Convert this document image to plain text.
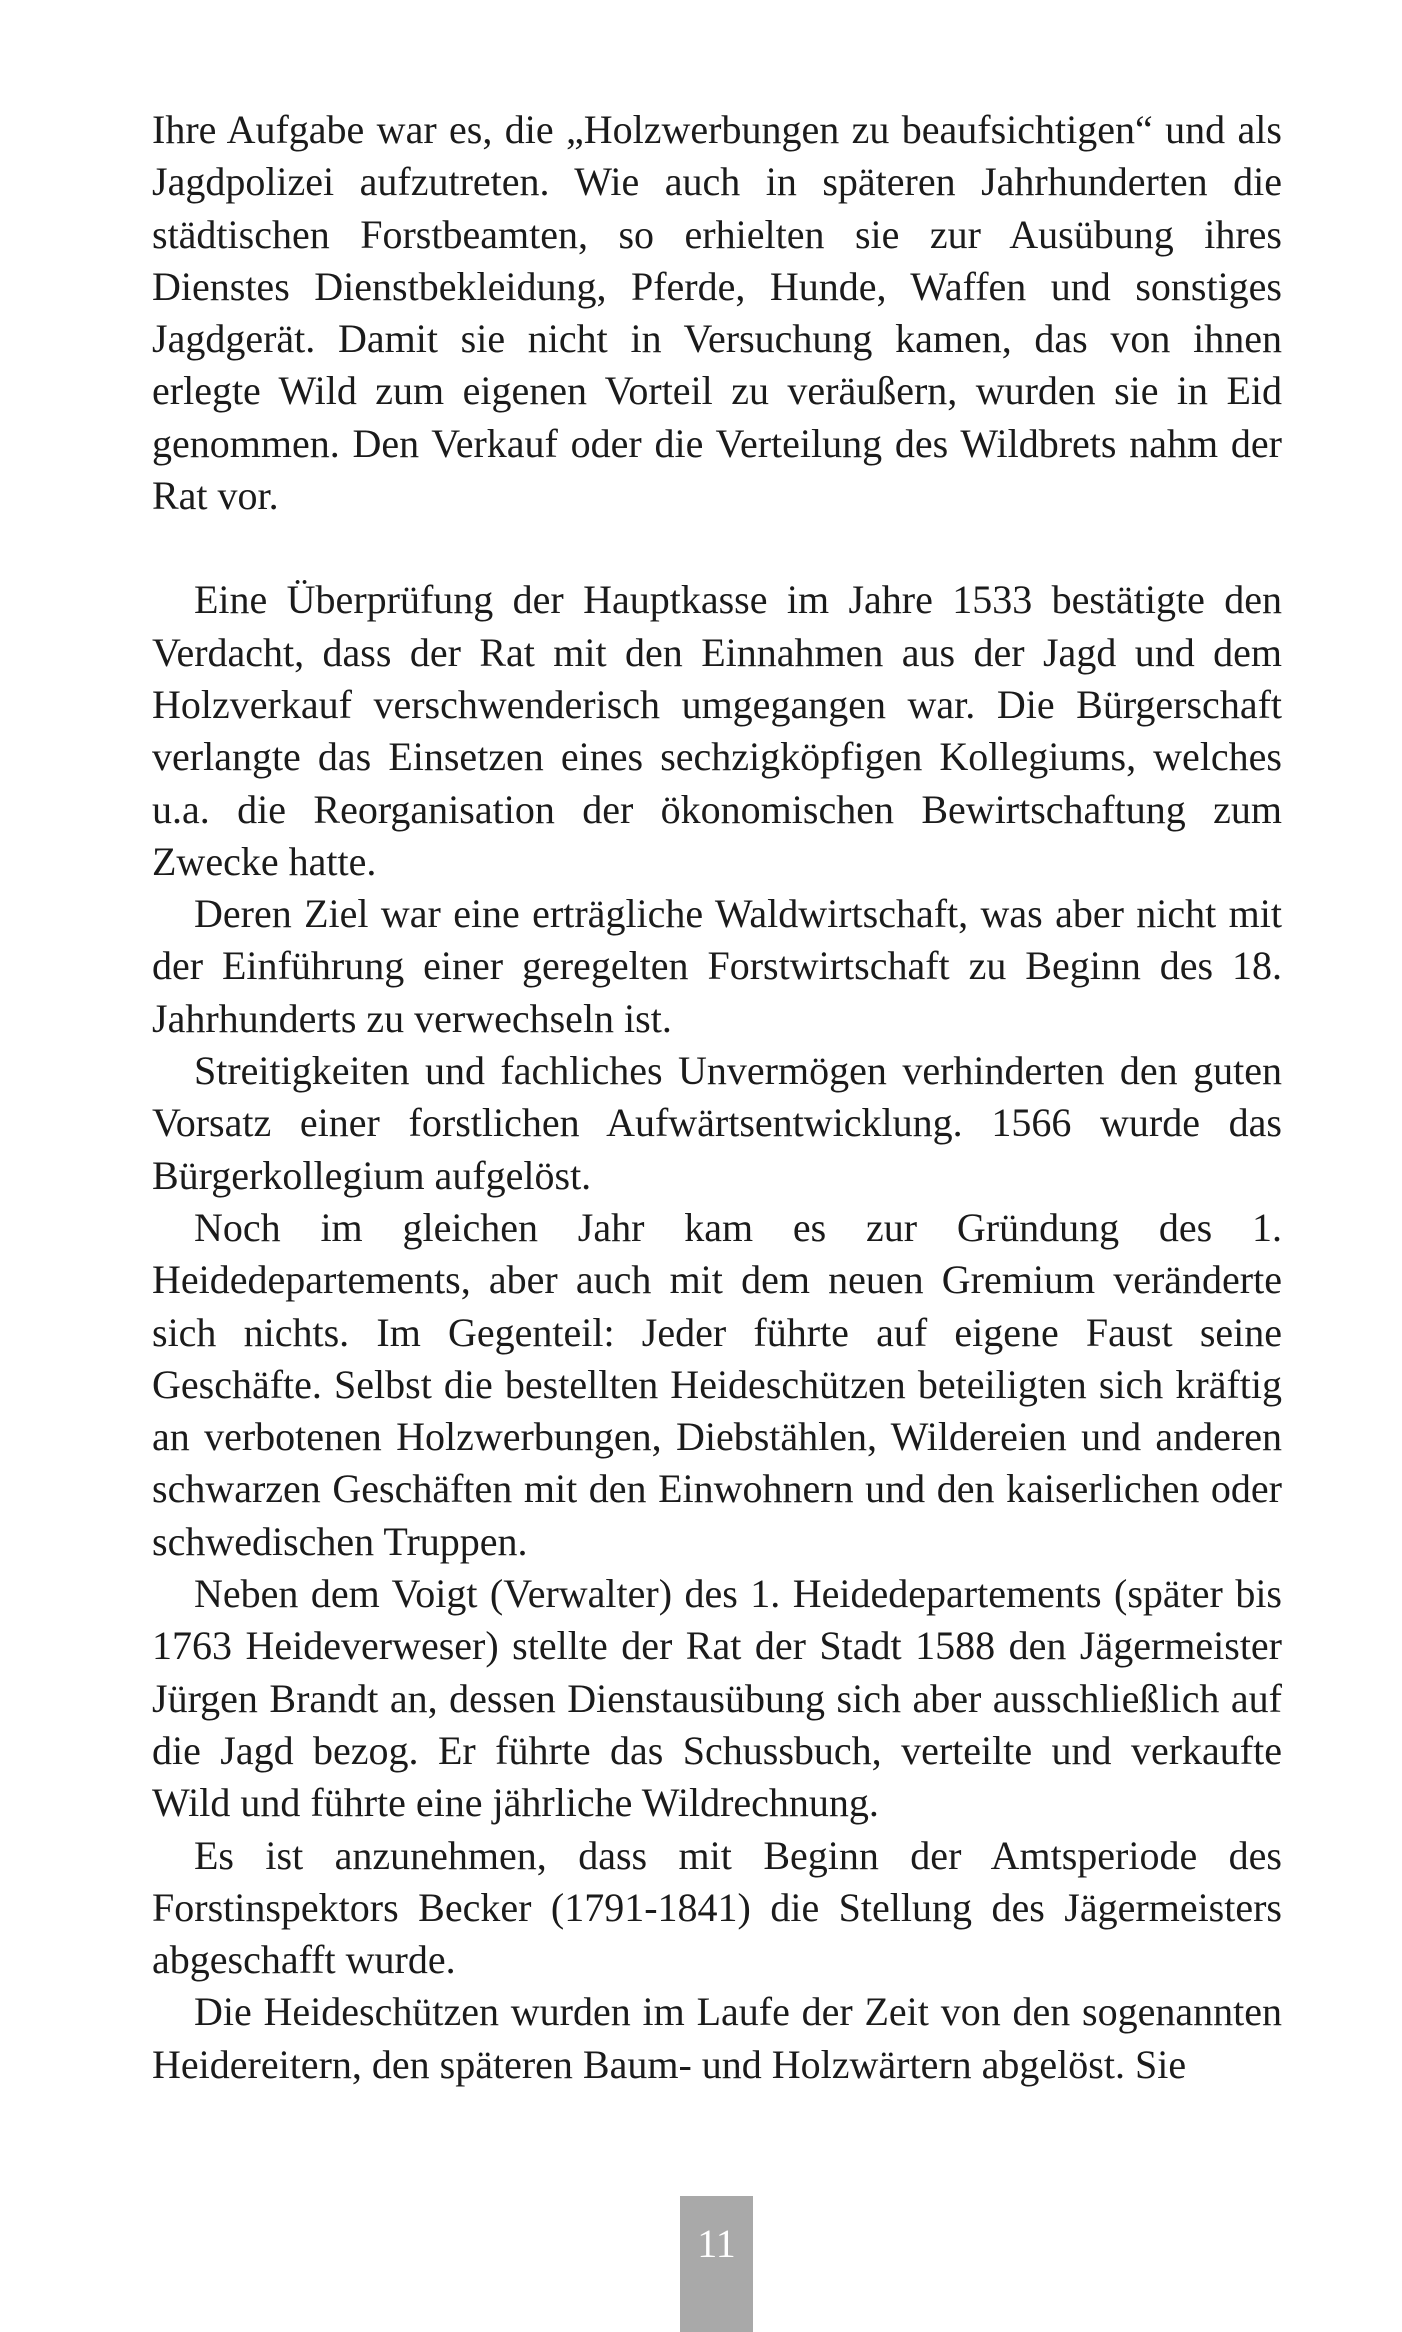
Ihre Aufgabe war es, die „Holzwerbungen zu beaufsichtigen“ und als Jagdpolizei aufzutreten. Wie auch in späteren Jahrhunderten die städtischen Forstbeamten, so erhielten sie zur Ausübung ihres Dienstes Dienstbekleidung, Pferde, Hunde, Waffen und sonstiges Jagdgerät. Damit sie nicht in Versuchung kamen, das von ihnen erlegte Wild zum eigenen Vorteil zu veräußern, wurden sie in Eid genommen. Den Verkauf oder die Verteilung des Wildbrets nahm der Rat vor.

Eine Überprüfung der Hauptkasse im Jahre 1533 bestätigte den Verdacht, dass der Rat mit den Einnahmen aus der Jagd und dem Holzverkauf verschwenderisch umgegangen war. Die Bürgerschaft verlangte das Einsetzen eines sechzigköpfigen Kollegiums, welches u.a. die Reorganisation der ökonomischen Bewirtschaftung zum Zwecke hatte.

Deren Ziel war eine erträgliche Waldwirtschaft, was aber nicht mit der Einführung einer geregelten Forstwirtschaft zu Beginn des 18. Jahrhunderts zu verwechseln ist.

Streitigkeiten und fachliches Unvermögen verhinderten den guten Vorsatz einer forstlichen Aufwärtsentwicklung. 1566 wurde das Bürgerkollegium aufgelöst.

Noch im gleichen Jahr kam es zur Gründung des 1. Heidedepartements, aber auch mit dem neuen Gremium veränderte sich nichts. Im Gegenteil: Jeder führte auf eigene Faust seine Geschäfte. Selbst die bestellten Heideschützen beteiligten sich kräftig an verbotenen Holzwerbungen, Diebstählen, Wildereien und anderen schwarzen Geschäften mit den Einwohnern und den kaiserlichen oder schwedischen Truppen.

Neben dem Voigt (Verwalter) des 1. Heidedepartements (später bis 1763 Heideverweser) stellte der Rat der Stadt 1588 den Jägermeister Jürgen Brandt an, dessen Dienstausübung sich aber ausschließlich auf die Jagd bezog. Er führte das Schussbuch, verteilte und verkaufte Wild und führte eine jährliche Wildrechnung.

Es ist anzunehmen, dass mit Beginn der Amtsperiode des Forstinspektors Becker (1791-1841) die Stellung des Jägermeisters abgeschafft wurde.

Die Heideschützen wurden im Laufe der Zeit von den sogenannten Heidereitern, den späteren Baum- und Holzwärtern abgelöst. Sie

11
